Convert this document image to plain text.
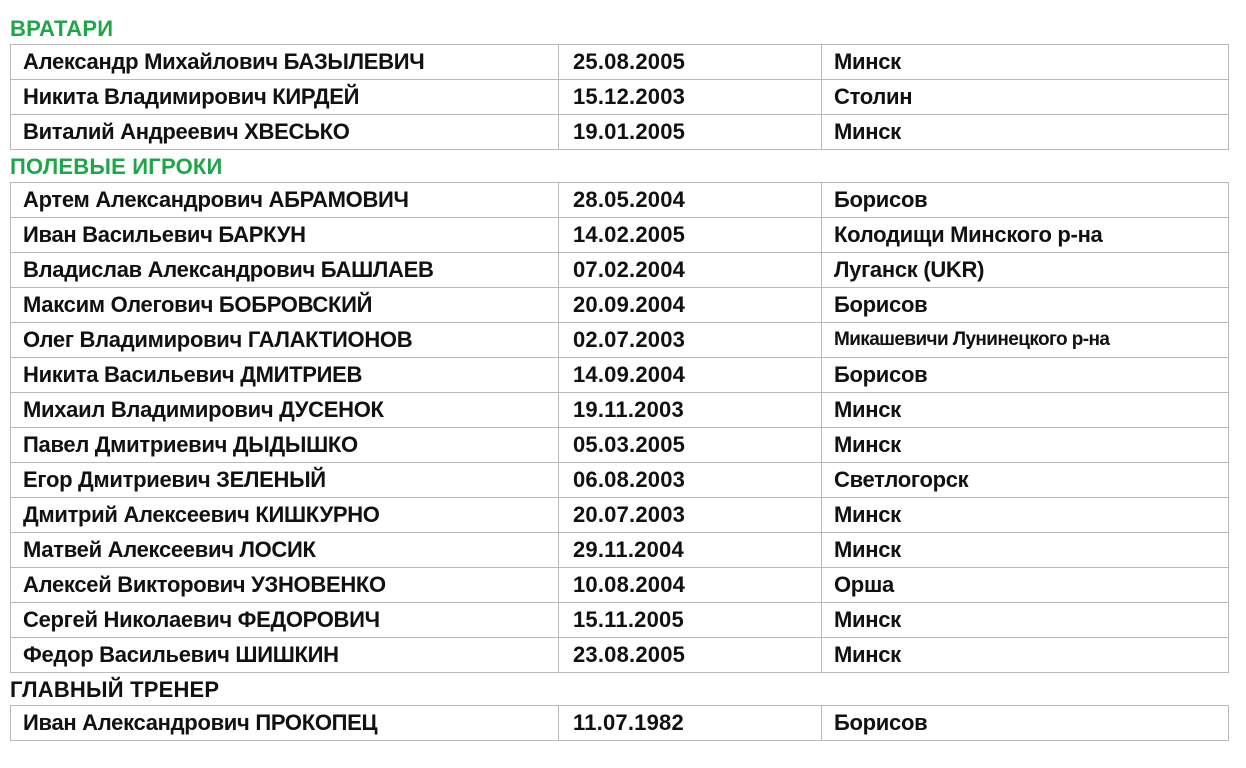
ВРАТАРИ
Александр Михайлович БАЗЫЛЕВИЧ	25.08.2005	Минск
Никита Владимирович КИРДЕЙ	15.12.2003	Столин
Виталий Андреевич ХВЕСЬКО	19.01.2005	Минск
ПОЛЕВЫЕ ИГРОКИ
Артем Александрович АБРАМОВИЧ	28.05.2004	Борисов
Иван Васильевич БАРКУН	14.02.2005	Колодищи Минского р-на
Владислав Александрович БАШЛАЕВ	07.02.2004	Луганск (UKR)
Максим Олегович БОБРОВСКИЙ	20.09.2004	Борисов
Олег Владимирович ГАЛАКТИОНОВ	02.07.2003	Микашевичи Лунинецкого р-на
Никита Васильевич ДМИТРИЕВ	14.09.2004	Борисов
Михаил Владимирович ДУСЕНОК	19.11.2003	Минск
Павел Дмитриевич ДЫДЫШКО	05.03.2005	Минск
Егор Дмитриевич ЗЕЛЕНЫЙ	06.08.2003	Светлогорск
Дмитрий Алексеевич КИШКУРНО	20.07.2003	Минск
Матвей Алексеевич ЛОСИК	29.11.2004	Минск
Алексей Викторович УЗНОВЕНКО	10.08.2004	Орша
Сергей Николаевич ФЕДОРОВИЧ	15.11.2005	Минск
Федор Васильевич ШИШКИН	23.08.2005	Минск
ГЛАВНЫЙ ТРЕНЕР
Иван Александрович ПРОКОПЕЦ	11.07.1982	Борисов
